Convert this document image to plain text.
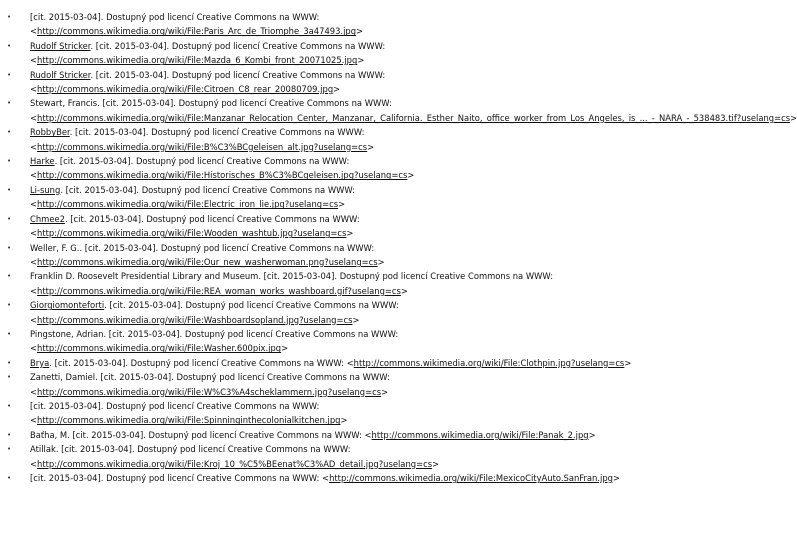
• [cit. 2015-03-04]. Dostupný pod licencí Creative Commons na WWW:
<http://commons.wikimedia.org/wiki/File:Paris_Arc_de_Triomphe_3a47493.jpg>
• Rudolf Stricker. [cit. 2015-03-04]. Dostupný pod licencí Creative Commons na WWW:
<http://commons.wikimedia.org/wiki/File:Mazda_6_Kombi_front_20071025.jpg>
• Rudolf Stricker. [cit. 2015-03-04]. Dostupný pod licencí Creative Commons na WWW:
<http://commons.wikimedia.org/wiki/File:Citroen_C8_rear_20080709.jpg>
• Stewart, Francis. [cit. 2015-03-04]. Dostupný pod licencí Creative Commons na WWW:
<http://commons.wikimedia.org/wiki/File:Manzanar_Relocation_Center,_Manzanar,_California._Esther_Naito,_office_worker_from_Los_Angeles,_is_..._-_NARA_-_538483.tif?uselang=cs>
• RobbyBer. [cit. 2015-03-04]. Dostupný pod licencí Creative Commons na WWW:
<http://commons.wikimedia.org/wiki/File:B%C3%BCgeleisen_alt.jpg?uselang=cs>
• Harke. [cit. 2015-03-04]. Dostupný pod licencí Creative Commons na WWW:
<http://commons.wikimedia.org/wiki/File:Historisches_B%C3%BCgeleisen.jpg?uselang=cs>
• Li-sung. [cit. 2015-03-04]. Dostupný pod licencí Creative Commons na WWW:
<http://commons.wikimedia.org/wiki/File:Electric_iron_lie.jpg?uselang=cs>
• Chmee2. [cit. 2015-03-04]. Dostupný pod licencí Creative Commons na WWW:
<http://commons.wikimedia.org/wiki/File:Wooden_washtub.jpg?uselang=cs>
• Weller, F. G.. [cit. 2015-03-04]. Dostupný pod licencí Creative Commons na WWW:
<http://commons.wikimedia.org/wiki/File:Our_new_washerwoman.png?uselang=cs>
• Franklin D. Roosevelt Presidential Library and Museum. [cit. 2015-03-04]. Dostupný pod licencí Creative Commons na WWW:
<http://commons.wikimedia.org/wiki/File:REA_woman_works_washboard.gif?uselang=cs>
• Giorgiomonteforti. [cit. 2015-03-04]. Dostupný pod licencí Creative Commons na WWW:
<http://commons.wikimedia.org/wiki/File:Washboardsopland.jpg?uselang=cs>
• Pingstone, Adrian. [cit. 2015-03-04]. Dostupný pod licencí Creative Commons na WWW:
<http://commons.wikimedia.org/wiki/File:Washer.600pix.jpg>
• Brya. [cit. 2015-03-04]. Dostupný pod licencí Creative Commons na WWW: <http://commons.wikimedia.org/wiki/File:Clothpin.jpg?uselang=cs>
• Zanetti, Damiel. [cit. 2015-03-04]. Dostupný pod licencí Creative Commons na WWW:
<http://commons.wikimedia.org/wiki/File:W%C3%A4scheklammern.jpg?uselang=cs>
• [cit. 2015-03-04]. Dostupný pod licencí Creative Commons na WWW:
<http://commons.wikimedia.org/wiki/File:Spinninginthecolonialkitchen.jpg>
• Baťha, M. [cit. 2015-03-04]. Dostupný pod licencí Creative Commons na WWW: <http://commons.wikimedia.org/wiki/File:Panak_2.jpg>
• Atillak. [cit. 2015-03-04]. Dostupný pod licencí Creative Commons na WWW:
<http://commons.wikimedia.org/wiki/File:Kroj_10_%C5%BEenat%C3%AD_detail.jpg?uselang=cs>
• [cit. 2015-03-04]. Dostupný pod licencí Creative Commons na WWW: <http://commons.wikimedia.org/wiki/File:MexicoCityAuto.SanFran.jpg>
